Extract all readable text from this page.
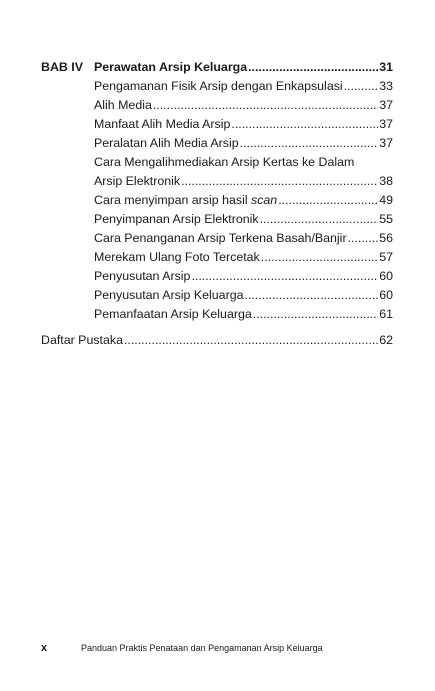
BAB IV Perawatan Arsip Keluarga .....	31
Pengamanan Fisik Arsip dengan Enkapsulasi .....	33
Alih Media .....	37
Manfaat Alih Media Arsip .....	37
Peralatan Alih Media Arsip .....	37
Cara Mengalihmediakan Arsip Kertas ke Dalam
Arsip Elektronik .....	38
Cara menyimpan arsip hasil scan .....	49
Penyimpanan Arsip Elektronik .....	55
Cara Penanganan Arsip Terkena Basah/Banjir .....	56
Merekam Ulang Foto Tercetak .....	57
Penyusutan Arsip .....	60
Penyusutan Arsip Keluarga .....	60
Pemanfaatan Arsip Keluarga .....	61
Daftar Pustaka .....	62
x	Panduan Praktis Penataan dan Pengamanan Arsip Keluarga
